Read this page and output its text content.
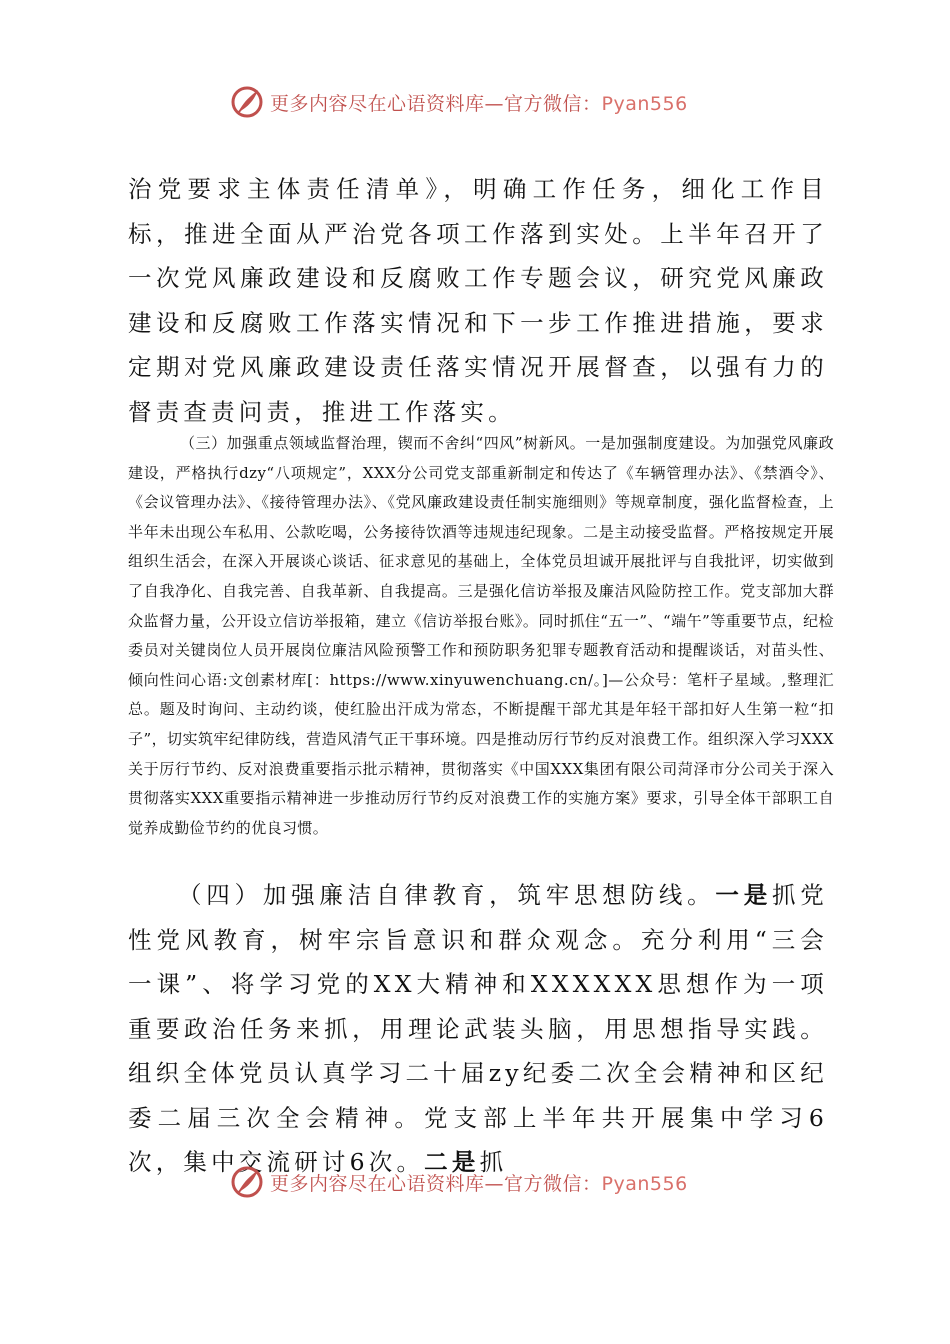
更多内容尽在心语资料库—官方微信：Pyan556

治党要求主体责任清单》，明确工作任务，细化工作目标，推进全面从严治党各项工作落到实处。上半年召开了一次党风廉政建设和反腐败工作专题会议，研究党风廉政建设和反腐败工作落实情况和下一步工作推进措施，要求定期对党风廉政建设责任落实情况开展督查，以强有力的督责查责问责，推进工作落实。

（三）加强重点领域监督治理，锲而不舍纠“四风”树新风。一是加强制度建设。为加强党风廉政建设，严格执行dzy“八项规定”，XXX分公司党支部重新制定和传达了《车辆管理办法》、《禁酒令》、《会议管理办法》、《接待管理办法》、《党风廉政建设责任制实施细则》等规章制度，强化监督检查，上半年未出现公车私用、公款吃喝，公务接待饮酒等违规违纪现象。二是主动接受监督。严格按规定开展组织生活会，在深入开展谈心谈话、征求意见的基础上，全体党员坦诚开展批评与自我批评，切实做到了自我净化、自我完善、自我革新、自我提高。三是强化信访举报及廉洁风险防控工作。党支部加大群众监督力量，公开设立信访举报箱，建立《信访举报台账》。同时抓住“五一”、“端午”等重要节点，纪检委员对关键岗位人员开展岗位廉洁风险预警工作和预防职务犯罪专题教育活动和提醒谈话，对苗头性、倾向性问心语:文创素材库[：https://www.xinyuwenchuang.cn/。]—公众号：笔杆子星域。,整理汇总。题及时询问、主动约谈，使红脸出汗成为常态，不断提醒干部尤其是年轻干部扣好人生第一粒“扣子”，切实筑牢纪律防线，营造风清气正干事环境。四是推动厉行节约反对浪费工作。组织深入学习XXX关于厉行节约、反对浪费重要指示批示精神，贯彻落实《中国XXX集团有限公司菏泽市分公司关于深入贯彻落实XXX重要指示精神进一步推动厉行节约反对浪费工作的实施方案》要求，引导全体干部职工自觉养成勤俭节约的优良习惯。

（四）加强廉洁自律教育，筑牢思想防线。一是抓党性党风教育，树牢宗旨意识和群众观念。充分利用“三会一课”、将学习党的XX大精神和XXXXXX思想作为一项重要政治任务来抓，用理论武装头脑，用思想指导实践。组织全体党员认真学习二十届zy纪委二次全会精神和区纪委二届三次全会精神。党支部上半年共开展集中学习6次，集中交流研讨6次。二是抓

更多内容尽在心语资料库—官方微信：Pyan556
